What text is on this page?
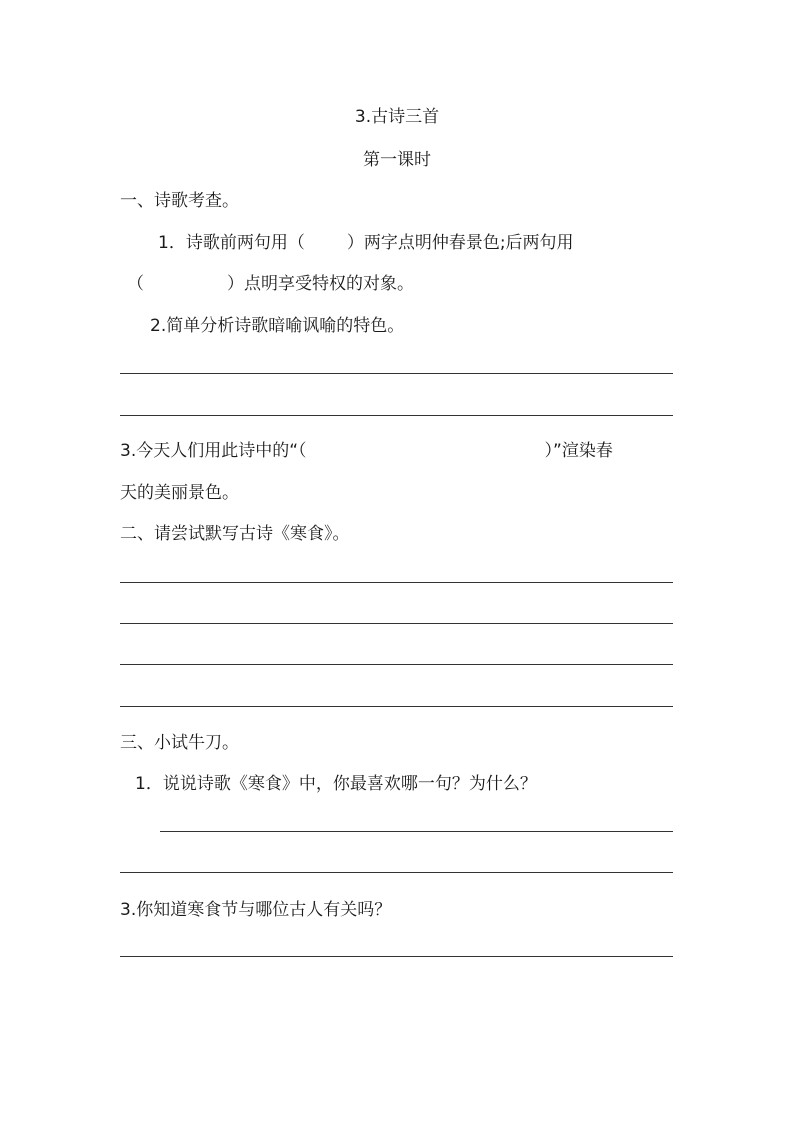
3.古诗三首
第一课时
一、诗歌考查。
1．诗歌前两句用（ ）两字点明仲春景色;后两句用
（	）点明享受特权的对象。
2.简单分析诗歌暗喻讽喻的特色。
3.今天人们用此诗中的“（	）”渲染春
天的美丽景色。
二、请尝试默写古诗《寒食》。
三、小试牛刀。
1．说说诗歌《寒食》中，你最喜欢哪一句？为什么？
3.你知道寒食节与哪位古人有关吗？
